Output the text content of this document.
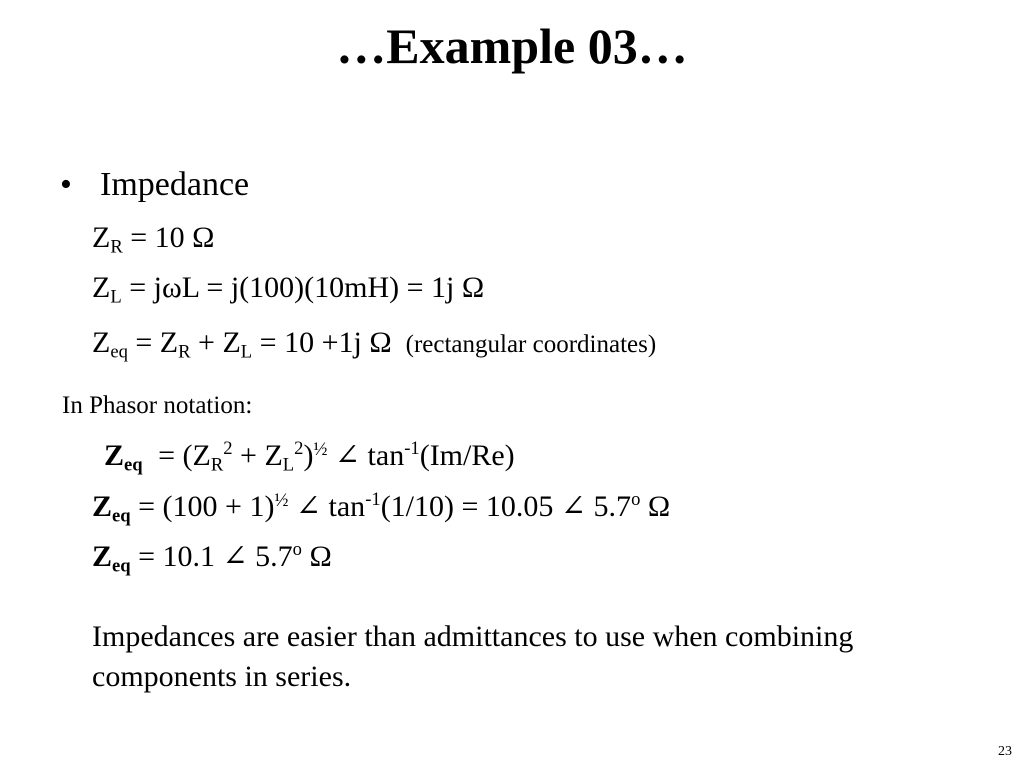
…Example 03…
• Impedance
$Z_R = 10$ Ω
$Z_L = j\omega L = j(100)(10mH) = 1j$ Ω
$Z_{eq} = Z_R + Z_L = 10 +1j$ Ω (rectangular coordinates)
In Phasor notation:
$Z_{eq} = (Z_R^2 + Z_L^2)^{\frac{1}{2}}$ ∠ $\tan^{-1}(Im/Re)$
$Z_{eq} = (100 + 1)^{\frac{1}{2}}$ ∠ $\tan^{-1}(1/10) = 10.05$ ∠ 5.7$^o$ Ω
$Z_{eq} = 10.1$ ∠ 5.7$^o$ Ω
Impedances are easier than admittances to use when combining components in series.
23
